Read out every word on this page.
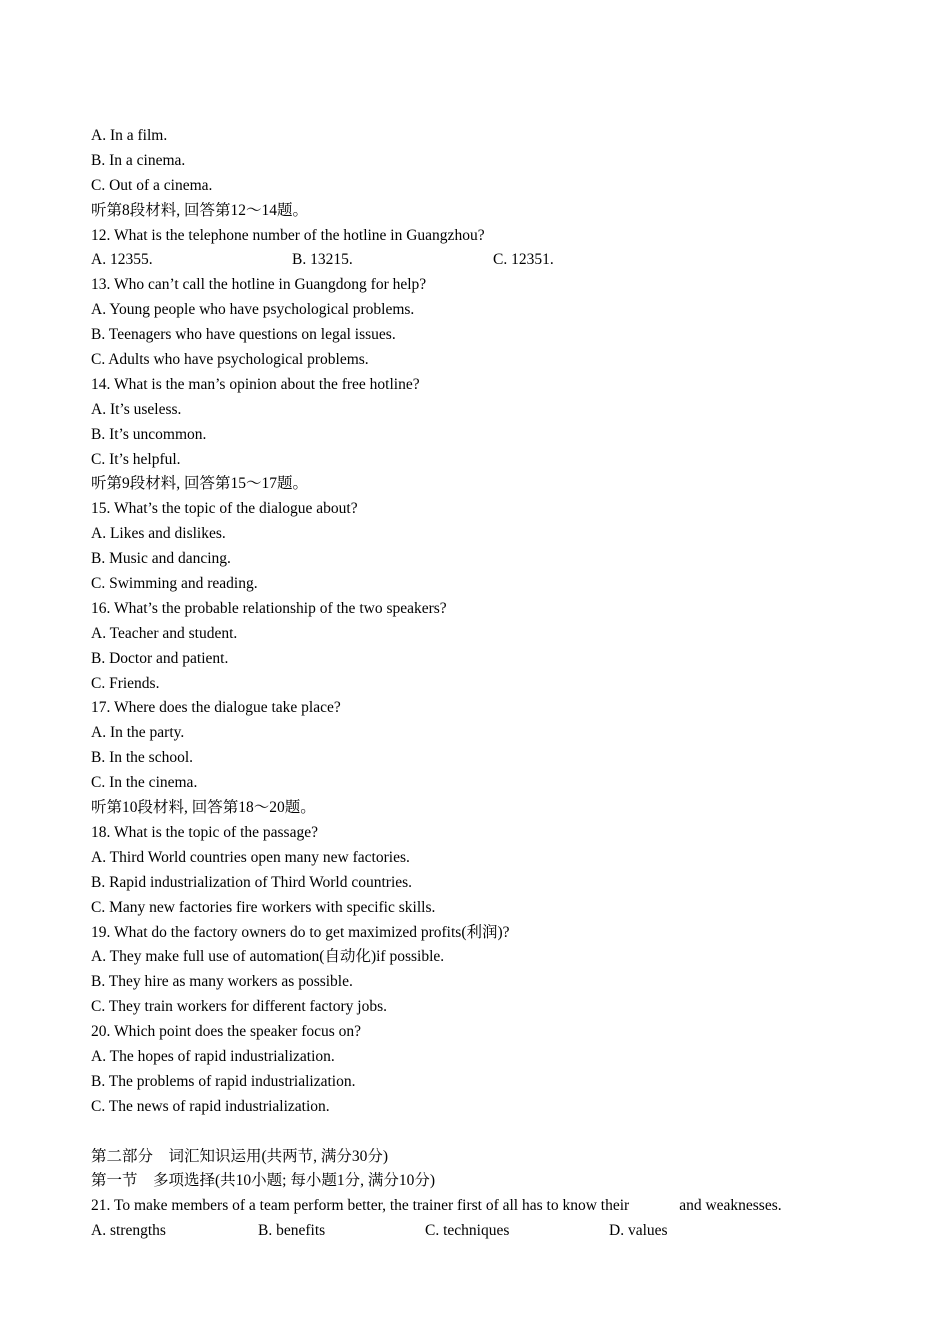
A. In a film.
B. In a cinema.
C. Out of a cinema.
听第8段材料, 回答第12～14题。
12. What is the telephone number of the hotline in Guangzhou?
A. 12355.	B. 13215.	C. 12351.
13. Who can’t call the hotline in Guangdong for help?
A. Young people who have psychological problems.
B. Teenagers who have questions on legal issues.
C. Adults who have psychological problems.
14. What is the man’s opinion about the free hotline?
A. It’s useless.
B. It’s uncommon.
C. It’s helpful.
听第9段材料, 回答第15～17题。
15. What’s the topic of the dialogue about?
A. Likes and dislikes.
B. Music and dancing.
C. Swimming and reading.
16. What’s the probable relationship of the two speakers?
A. Teacher and student.
B. Doctor and patient.
C. Friends.
17. Where does the dialogue take place?
A. In the party.
B. In the school.
C. In the cinema.
听第10段材料, 回答第18～20题。
18. What is the topic of the passage?
A. Third World countries open many new factories.
B. Rapid industrialization of Third World countries.
C. Many new factories fire workers with specific skills.
19. What do the factory owners do to get maximized profits(利润)?
A. They make full use of automation(自动化)if possible.
B. They hire as many workers as possible.
C. They train workers for different factory jobs.
20. Which point does the speaker focus on?
A. The hopes of rapid industrialization.
B. The problems of rapid industrialization.
C. The news of rapid industrialization.
第二部分　词汇知识运用(共两节, 满分30分)
第一节　多项选择(共10小题; 每小题1分, 满分10分)
21. To make members of a team perform better, the trainer first of all has to know their	and weaknesses.
A. strengths	B. benefits	C. techniques	D. values
